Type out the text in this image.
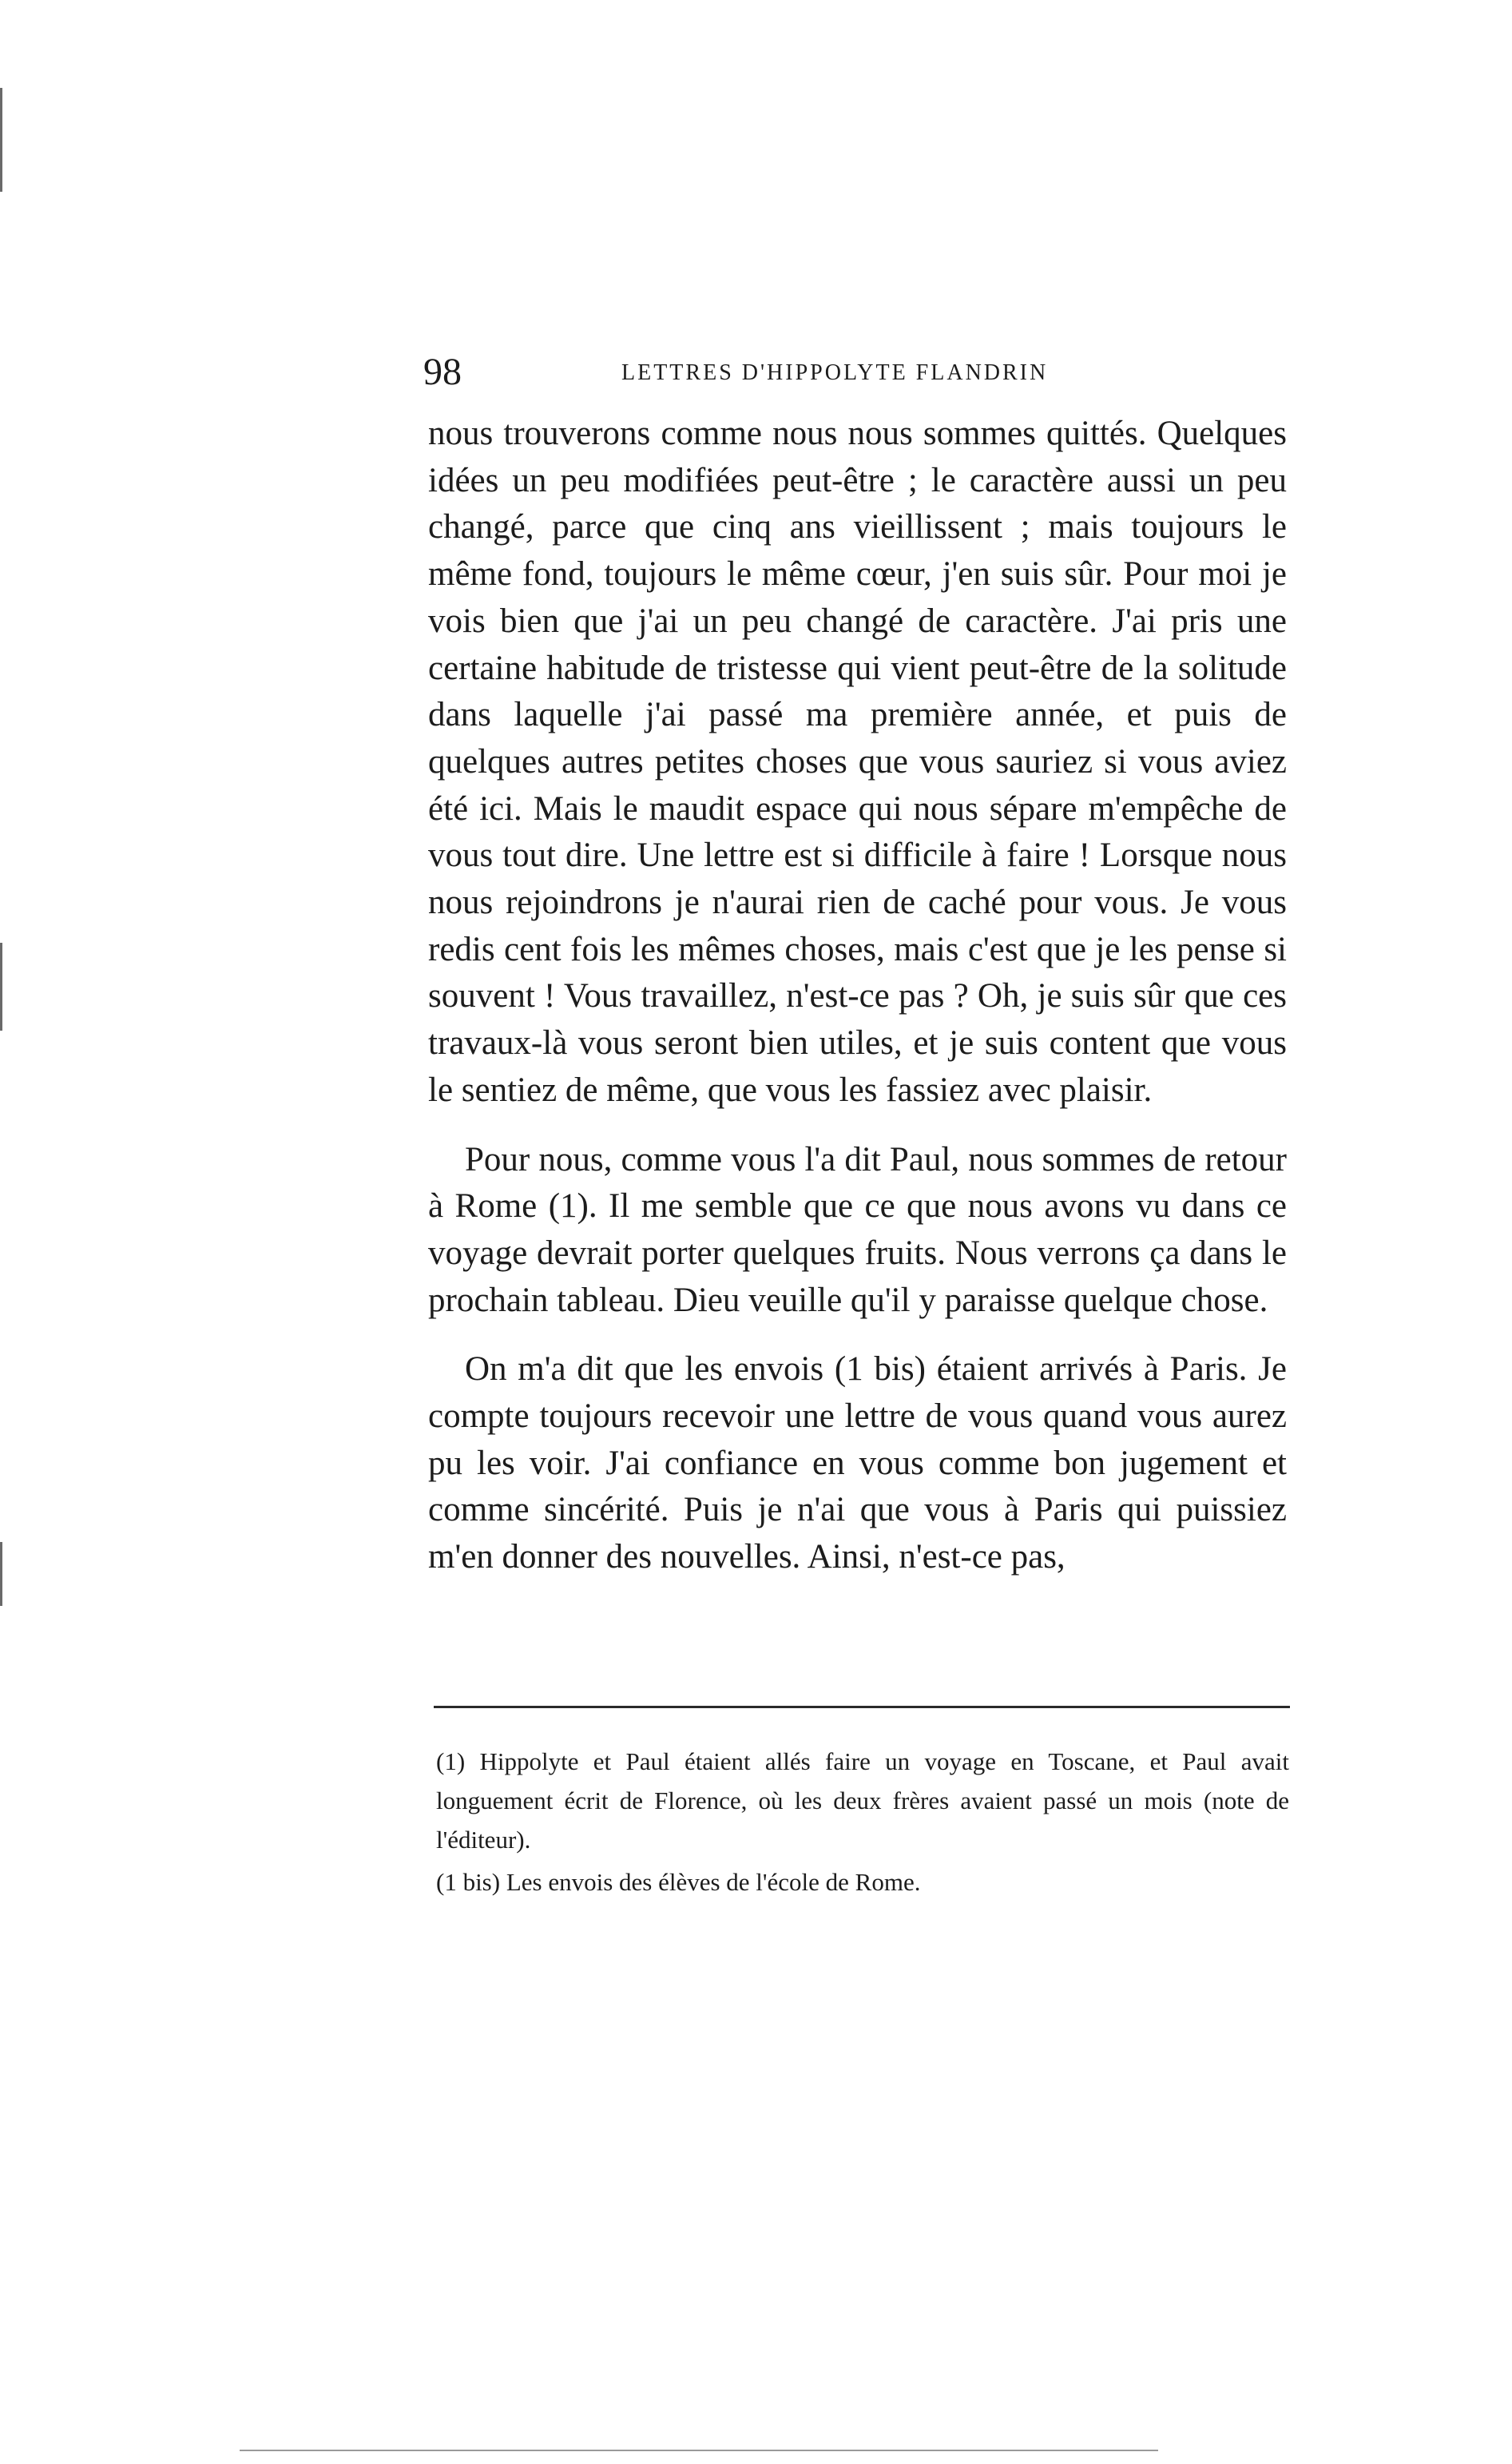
98	LETTRES D'HIPPOLYTE FLANDRIN

nous trouverons comme nous nous sommes quittés. Quelques idées un peu modifiées peut-être ; le caractère aussi un peu changé, parce que cinq ans vieillissent ; mais toujours le même fond, toujours le même cœur, j'en suis sûr. Pour moi je vois bien que j'ai un peu changé de caractère. J'ai pris une certaine habitude de tristesse qui vient peut-être de la solitude dans laquelle j'ai passé ma première année, et puis de quelques autres petites choses que vous sauriez si vous aviez été ici. Mais le maudit espace qui nous sépare m'empêche de vous tout dire. Une lettre est si difficile à faire ! Lorsque nous nous rejoindrons je n'aurai rien de caché pour vous. Je vous redis cent fois les mêmes choses, mais c'est que je les pense si souvent ! Vous travaillez, n'est-ce pas ? Oh, je suis sûr que ces travaux-là vous seront bien utiles, et je suis content que vous le sentiez de même, que vous les fassiez avec plaisir.

Pour nous, comme vous l'a dit Paul, nous sommes de retour à Rome (1). Il me semble que ce que nous avons vu dans ce voyage devrait porter quelques fruits. Nous verrons ça dans le prochain tableau. Dieu veuille qu'il y paraisse quelque chose.

On m'a dit que les envois (1 bis) étaient arrivés à Paris. Je compte toujours recevoir une lettre de vous quand vous aurez pu les voir. J'ai confiance en vous comme bon jugement et comme sincérité. Puis je n'ai que vous à Paris qui puissiez m'en donner des nouvelles. Ainsi, n'est-ce pas,

(1) Hippolyte et Paul étaient allés faire un voyage en Toscane, et Paul avait longuement écrit de Florence, où les deux frères avaient passé un mois (note de l'éditeur).

(1 bis) Les envois des élèves de l'école de Rome.
